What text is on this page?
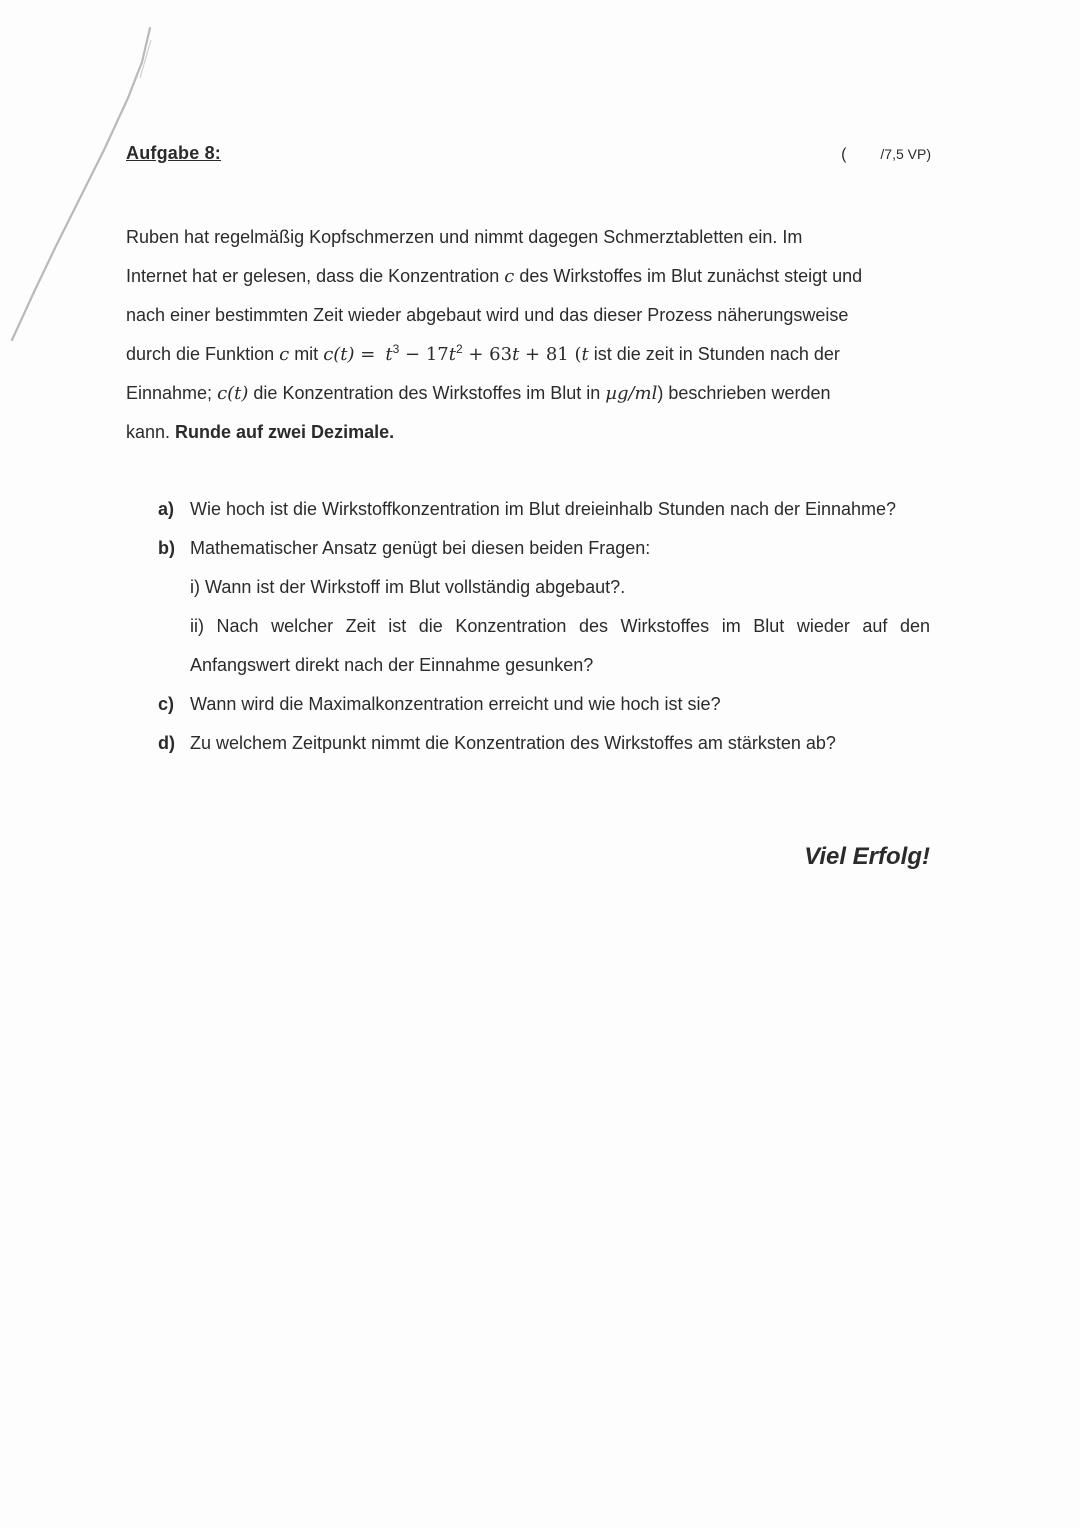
Aufgabe 8:	( /7,5 VP)
Ruben hat regelmäßig Kopfschmerzen und nimmt dagegen Schmerztabletten ein. Im
Internet hat er gelesen, dass die Konzentration c des Wirkstoffes im Blut zunächst steigt und
nach einer bestimmten Zeit wieder abgebaut wird und das dieser Prozess näherungsweise
durch die Funktion c mit $c(t) = t^3 - 17t^2 + 63t + 81$ (t ist die zeit in Stunden nach der
Einnahme; c(t) die Konzentration des Wirkstoffes im Blut in µg/ml) beschrieben werden
kann. Runde auf zwei Dezimale.
a) Wie hoch ist die Wirkstoffkonzentration im Blut dreieinhalb Stunden nach der Einnahme?
b) Mathematischer Ansatz genügt bei diesen beiden Fragen:
i) Wann ist der Wirkstoff im Blut vollständig abgebaut?.
ii) Nach welcher Zeit ist die Konzentration des Wirkstoffes im Blut wieder auf den Anfangswert direkt nach der Einnahme gesunken?
c) Wann wird die Maximalkonzentration erreicht und wie hoch ist sie?
d) Zu welchem Zeitpunkt nimmt die Konzentration des Wirkstoffes am stärksten ab?
Viel Erfolg!
